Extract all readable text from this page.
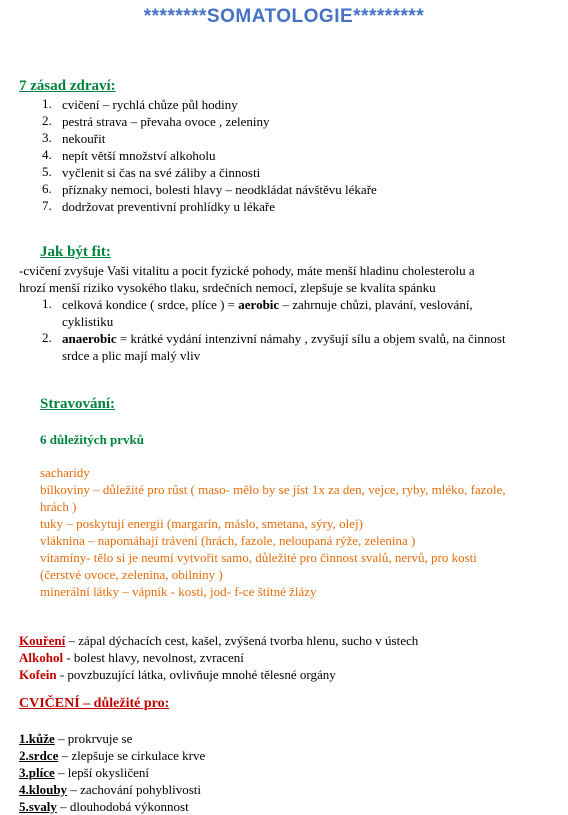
********SOMATOLOGIE*********
7 zásad zdraví:
1. cvičení – rychlá chůze půl hodiny
2. pestrá strava – převaha ovoce , zeleniny
3. nekouřit
4. nepít větší množství alkoholu
5. vyčlenit si čas na své záliby a činnosti
6. příznaky nemoci, bolesti hlavy – neodkládat návštěvu lékaře
7. dodržovat preventivní prohlídky u lékaře
Jak být fit:
-cvičení zvyšuje Vaši vitalitu a pocit fyzické pohody, máte menší hladinu cholesterolu a
hrozí menší riziko vysokého tlaku, srdečních nemocí, zlepšuje se kvalita spánku
1. celková kondice ( srdce, plíce ) = aerobic – zahrnuje chůzi, plavání, veslování,
cyklistiku
2. anaerobic = krátké vydání intenzivní námahy , zvyšují sílu a objem svalů, na činnost
srdce a plic mají malý vliv
Stravování:
6 důležitých prvků
sacharidy
bílkoviny – důležité pro růst ( maso- mělo by se jíst 1x za den, vejce, ryby, mléko, fazole,
hrách )
tuky – poskytují energii (margarín, máslo, smetana, sýry, olej)
vláknina – napomáhají trávení (hrách, fazole, neloupaná rýže, zelenina )
vitamíny- tělo si je neumí vytvořit samo, důležité pro činnost svalů, nervů, pro kosti
(čerstvé ovoce, zelenina, obilniny )
minerální látky – vápník - kosti, jod- f-ce štítné žlázy
Kouření – zápal dýchacích cest, kašel, zvýšená tvorba hlenu, sucho v ústech
Alkohol - bolest hlavy, nevolnost, zvracení
Kofein - povzbuzující látka, ovlivňuje mnohé tělesné orgány
CVIČENÍ – důležité pro:
1.kůže – prokrvuje se
2.srdce – zlepšuje se cirkulace krve
3.plíce – lepší okysličení
4.klouby – zachování pohyblivosti
5.svaly – dlouhodobá výkonnost
